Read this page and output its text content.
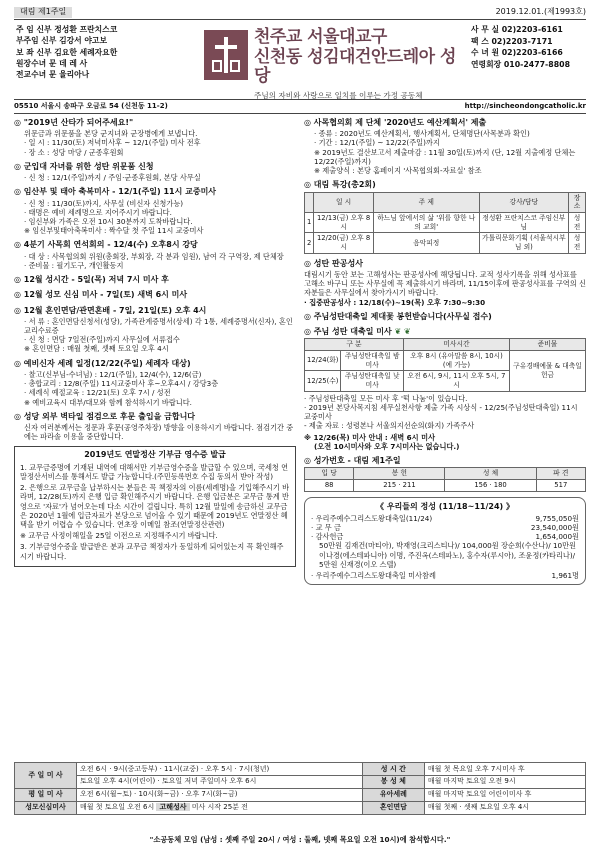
대림 제1주일	2019.12.01.(제1993호)
주 임 신부 정성환 프란치스코
부주임 신부 김강서 야고보
보 좌 신부 김요한 세례자요한
원장수녀 문 데 레 사
전교수녀 문 율리아나
천주교 서울대교구
신천동 성김대건안드레아 성당
주님의 자비와 사랑으로 일치를 이루는 가정 공동체
사 무 실 02)2203-6161
팩 스 02)2203-7171
수 녀 원 02)2203-6166
연령회장 010-2477-8808
05510 서울시 송파구 오금로 54 (신천동 11-2)	http://sincheondongcatholic.kr
◎ "2019년 산타가 되어주세요!"
위문금과 위문품을 본당 군지녀와 군장병에게 보냅니다.
· 일 시 : 11/30(토) 저녁미사후 ~ 12/1(주일) 미사 전후
· 장 소 : 성당 마당 / 군종후원회
◎ 군입대 자녀를 위한 성탄 위문품 신청
· 신 청 : 12/1(주일)까지 / 주임·군종후원회, 본당 사무실
◎ 임산부 및 태아 축복미사 - 12/1(주일) 11시 교중미사
· 신 청 : 11/30(토)까지, 사무실 (비신자 신청가능)
· 태명은 예비 세례명으로 지어주시기 바랍니다.
· 임신부와 가족은 오전 10시 30분까지 도착바랍니다.
※ 임신부및태아축복미사 : 짝수달 첫 주일 11시 교중미사
◎ 4분기 사목회 연석회의 - 12/4(수) 오후8시 강당
· 대 상 : 사목협의회 위원(총회장, 부회장, 각 분과 임원), 남여 각 구역장, 제 단체장
· 준비물 : 필기도구, 개인활동지
◎ 12월 성시간 - 5일(목) 저녁 7시 미사 후
◎ 12월 성모 신심 미사 - 7일(토) 새벽 6시 미사
◎ 12월 혼인면담/관면혼배 - 7일, 21일(토) 오후 4시
· 서 류 : 혼인면담신청서(성당), 가족관계증명서(상세) 각 1통, 세례증명서(신자), 혼인교리수료증
· 신 청 : 면담 7일전(주일)까지 사무실에 서류접수
※ 혼인면담 : 매월 첫째, 셋째 토요일 오후 4시
◎ 예비신자 세례 일정(12/22(주일) 세례자 대상)
· 찰고(신부님-수녀님) : 12/1(주일), 12/4(수), 12/6(금)
· 총합교리 : 12/8(주일) 11시교중미사 후~오후4시 / 강당3층
· 세례식 예절교육 : 12/21(토) 오후 7시 / 성전
※ 예비교육시 대부/대모와 함께 참석하시기 바랍니다.
◎ 성당 외부 벽타일 점검으로 후문 출입을 금합니다
신자 여러분께서는 정문과 후문(공영주차장) 방향을 이용하시기 바랍니다. 점검기간 중에는 파라솔 이용을 중단합니다.
2019년도 연말정산 기부금 영수증 발급
1. 교무금증명에 기재된 내역에 대해서만 기부금영수증을 발급할 수 있으며, 국세청 연말정산서비스를 통해서도 발급 가능합니다.(주민등록번호 수집 동의서 받아 작성)
2. 은행으로 교무금을 납부하시는 분들은 꼭 책정자의 이름(세례명)을 기입해주시기 바라며, 12/28(토)까지 은행 입금 확인해주시기 바랍니다. 은행 입금분은 교무금 통계 반영으로 '자료'가 넘어오는데 다소 시간이 걸립니다. 특히 12월 말일에 송금하신 교무금은 2020년 1월에 입금자료가 본당으로 넘어올 수 있기 때문에 2019년도 연말정산 혜택을 받기 어렵습 수 있습니다. 연초장 이메일 참조(연말정산관련)
※ 교무금 사정이해일을 25일 이전으로 지정해주시기 바랍니다.
3. 기부금영수증을 발급받은 분과 교무금 책정자가 동일하게 되어있는지 꼭 확인해주시기 바랍니다.
◎ 사목협의회 제 단체 '2020년도 예산계획서' 제출
· 종류 : 2020년도 예산계획서, 행사계획서, 단체명단(사목분과 확인)
· 기간 : 12/1(주일) ~ 12/22(주일)까지
※ 2019년도 결산보고서 제출마감 : 11월 30일(토)까지 (단, 12월 지출예정 단체는 12/22(주일)까지)
※ 제출양식 : 본당 홈페이지 '사목협의회-자료실' 참조
◎ 대림 특강(총2회)
	일 시	주 제	강사/담당	장소
1	12/13(금) 오후 8시	하느님 앞에서의 삶 '위를 향한 나의 교회'	정성환 프란치스코 주임신부님	성전
2	12/20(금) 오후 8시	음악피정	가톨릭문화기획 (서울석시부님 외)	성전
◎ 성탄 판공성사
대림시기 동안 보는 고해성사는 판공성사에 해당됩니다. 교적 성사기록을 위해 성사표를 고해소 바구니 또는 사무실에 꼭 제출하시기 바라며, 11/15이후에 판공성사표를 구역의 신자분들은 사무실에서 찾아가시기 바랍니다.
· 집중판공성사 : 12/18(수)~19(목) 오후 7:30~9:30
◎ 주님성탄대축일 제대꽃 봉헌받습니다(사무실 접수)
◎ 주님 성탄 대축일 미사 ❦ ❦
구 분		미사시간	준비물
12/24(화)	주님성탄대축일 밤미사	오후 8시 (유아말씀 8시, 10시)(예 가능)	구유경배예물 & 대축일 헌금
12/25(수)	주님성탄대축일 낮미사	오전 6시, 9시, 11시 오후 5시, 7시	
· 주님성탄대축일 모든 미사 후 '떡 나눔'이 있습니다.
· 2019년 본당사목지침 세무실천사항 제출 가족 시상식 - 12/25(주님성탄대축일) 11시 교중미사
- 제출 자료 : 성령본나 서울의지선순의(화지) 가족주사
※ 12/26(목) 미사 안내 : 새벽 6시 미사
(오전 10시미사와 오후 7시미사는 없습니다.)
◎ 성가번호 - 대림 제1주일
입 당	봉 헌	성 체	파 견
88	215 · 211	156 · 180	517
《 우리들의 정성 (11/18~11/24) 》
· 우리주예수그리스도왕대축일(11/24)	9,755,050원
· 교 무 금	23,540,000원
· 감사헌금	1,654,000원
50만원 김재건(마티아), 박재영(크리스티나)/ 104,000원 장순희(수산나)/ 10만원 이나경(에스테파니아) 이명, 주진옥(스테파노), 홍수자(루시아), 조윤정(카타리나)/ 5만원 신재경(이오 스텔)
· 우리주예수그리스도왕대축일 미사참례	1,961명
주 일 미 사	오전 6시 · 9시(중고등부) · 11시(교중) · 오후 5시 · 7시(청년)	성 시 간	매월 첫 목요일 오후 7시미사 후
	토요일 오후 4시(어린이) · 토요일 저녁 주일미사 오후 6시	봉 성 체	매월 마지막 토요일 오전 9시
평 일 미 사	오전 6시(월~토) · 10시(화~금) · 오후 7시(화~금)	유아세례	매월 마지막 토요일 어린이미사 후
성모신심미사	매월 첫 토요일 오전 6시 고해성사 미사 시작 25분 전	혼인면담	매월 첫째 · 셋째 토요일 오후 4시
"소공동체 모임 (남성 : 셋째 주일 20시 / 여성 : 둘째, 넷째 목요일 오전 10시)에 참석합시다."
